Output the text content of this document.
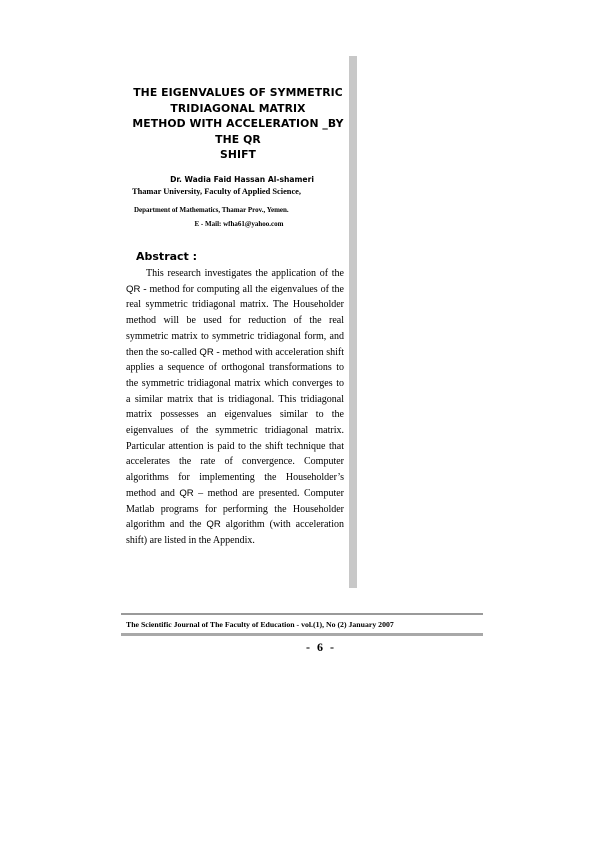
THE EIGENVALUES OF SYMMETRIC
TRIDIAGONAL MATRIX
METHOD WITH ACCELERATION _BY THE QR
SHIFT
Dr. Wadia Faid Hassan Al-shameri
Thamar University, Faculty of Applied Science,
Department of Mathematics, Thamar Prov., Yemen.
E - Mail: wfha61@yahoo.com
Abstract :

This research investigates the application of the QR - method for computing all the eigenvalues of the real symmetric tridiagonal matrix. The Householder method will be used for reduction of the real symmetric matrix to symmetric tridiagonal form, and then the so-called QR - method with acceleration shift applies a sequence of orthogonal transformations to the symmetric tridiagonal matrix which converges to a similar matrix that is tridiagonal. This tridiagonal matrix possesses an eigenvalues similar to the eigenvalues of the symmetric tridiagonal matrix. Particular attention is paid to the shift technique that accelerates the rate of convergence. Computer algorithms for implementing the Householder’s method and QR – method are presented. Computer Matlab programs for performing the Householder algorithm and the QR algorithm (with acceleration shift) are listed in the Appendix.

The Scientific Journal of The Faculty of Education - vol.(1), No (2) January 2007
- 6 -
